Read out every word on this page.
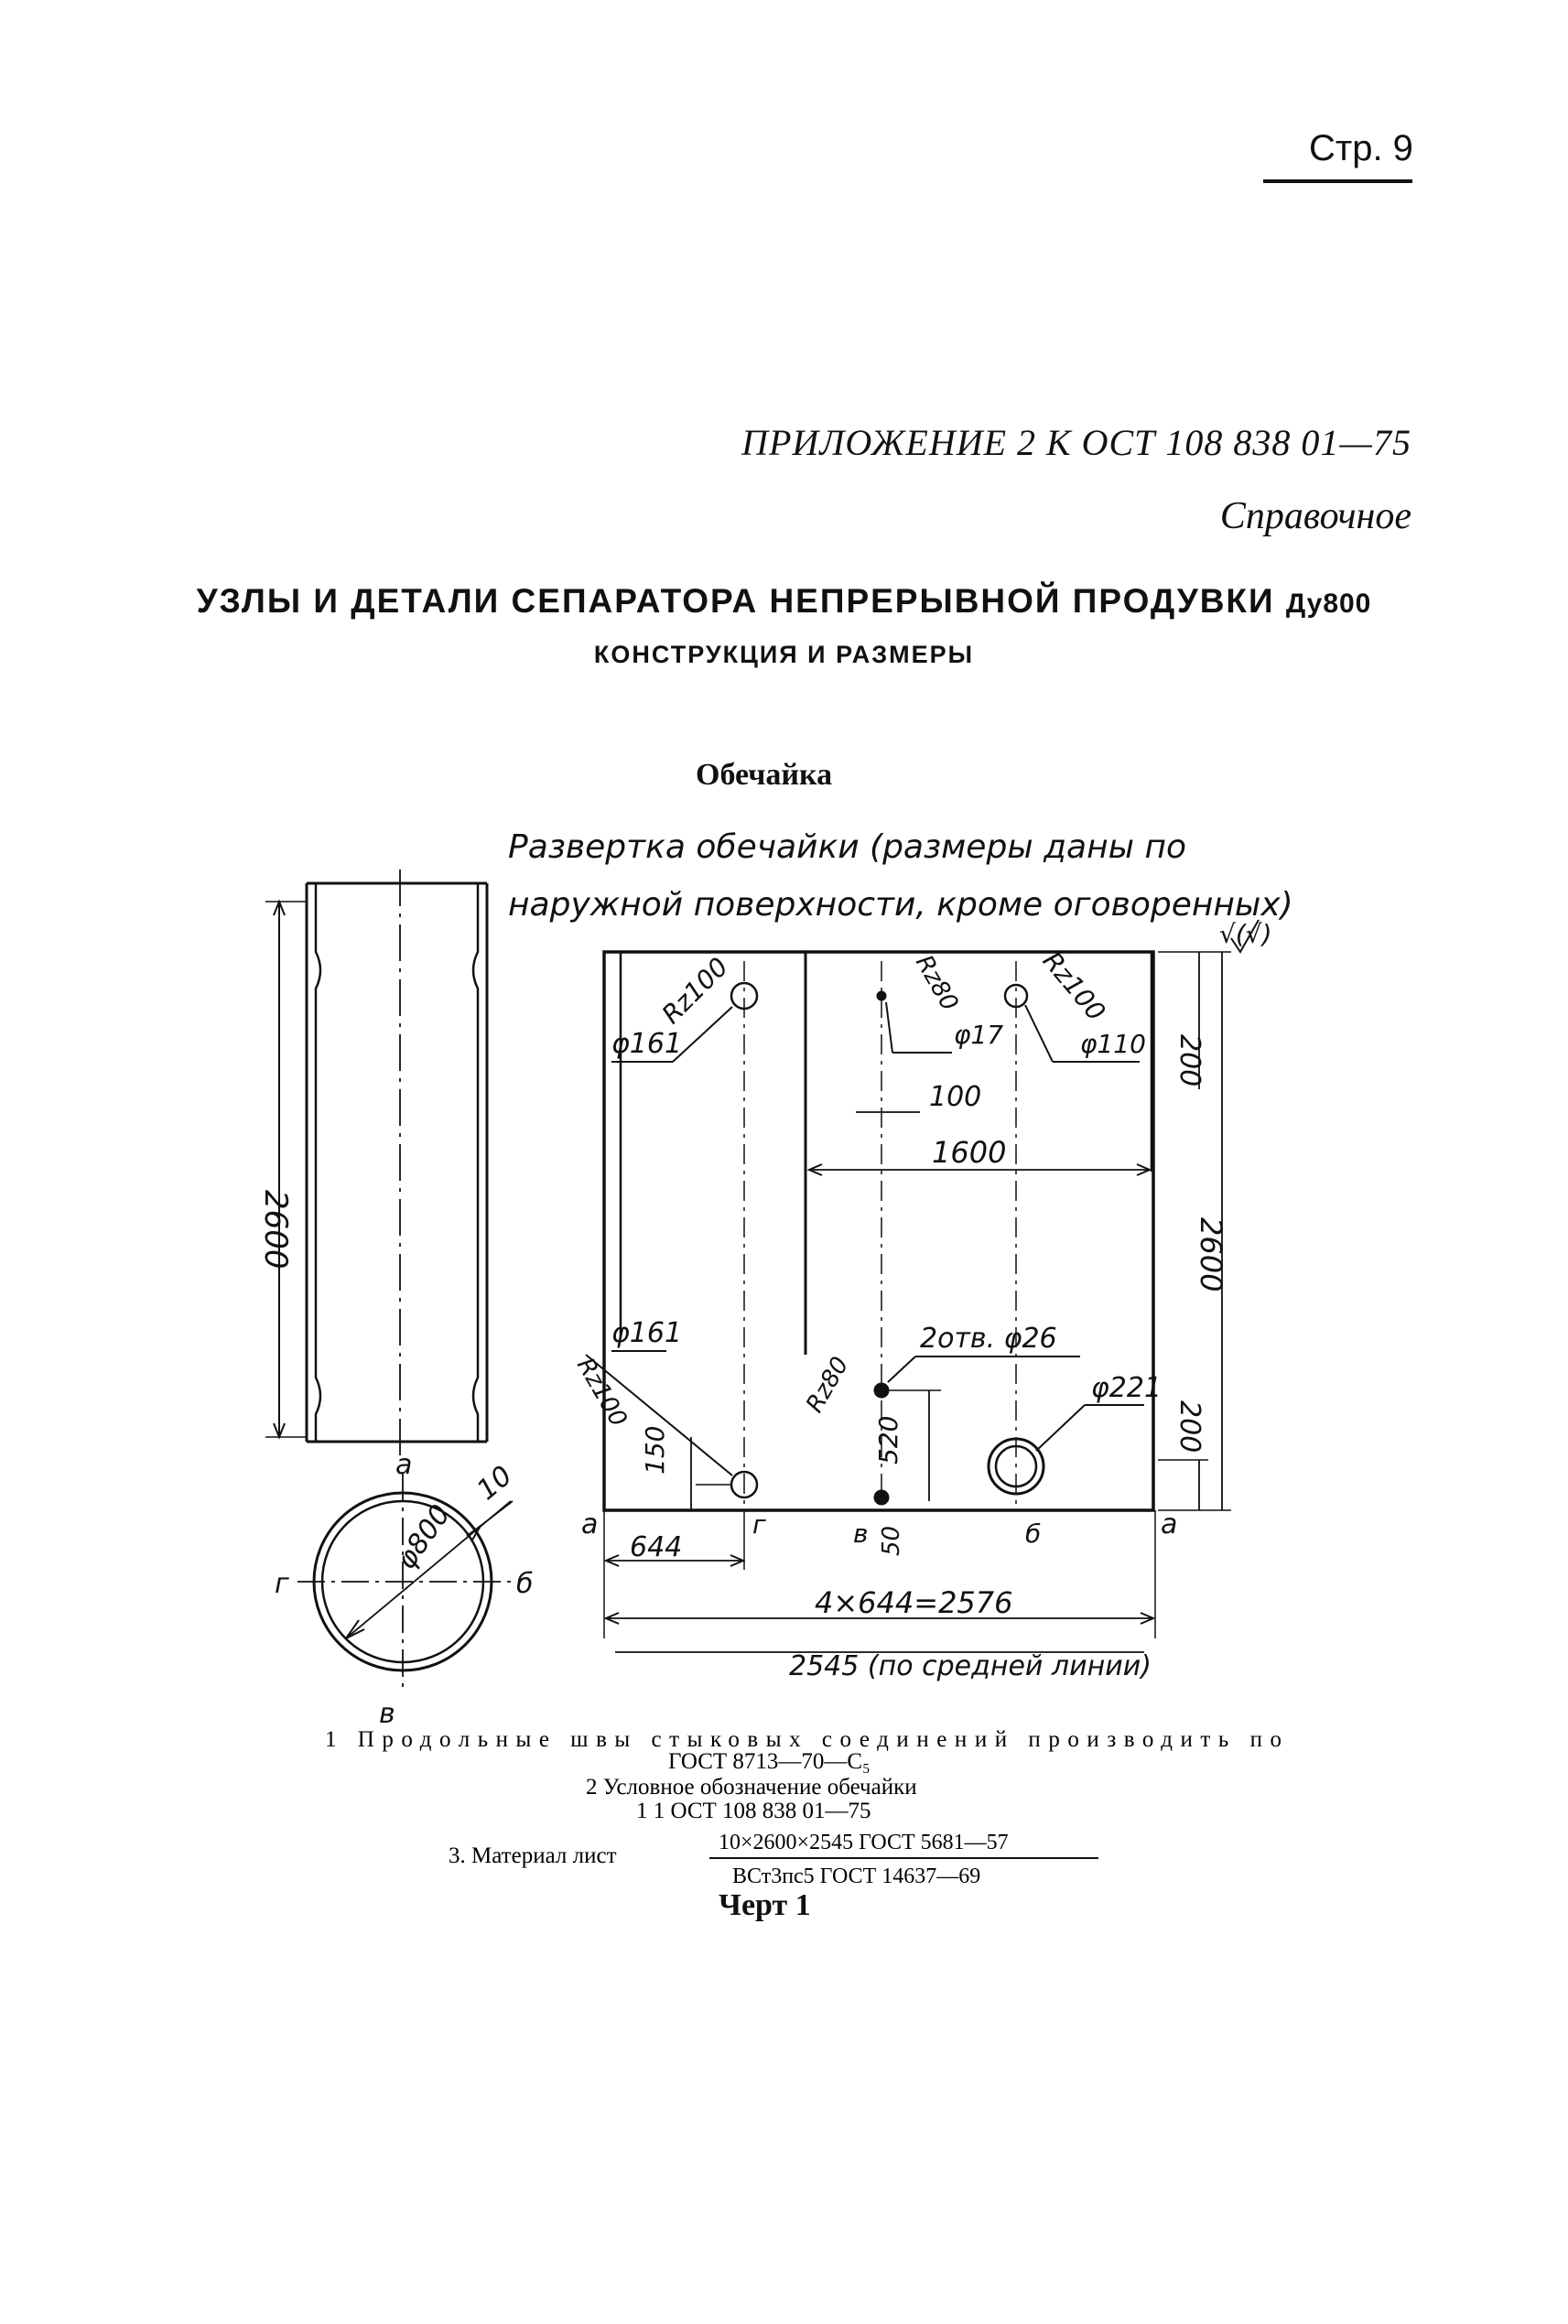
Стр. 9
ПРИЛОЖЕНИЕ 2 К ОСТ 108 838 01—75
Справочное
УЗЛЫ И ДЕТАЛИ СЕПАРАТОРА НЕПРЕРЫВНОЙ ПРОДУВКИ Ду800
КОНСТРУКЦИЯ И РАЗМЕРЫ
Обечайка
Развертка обечайки (размеры даны по
наружной поверхности, кроме оговоренных)
2600
а
в
г	б
φ800
10
√(√)
Rz100
φ161
Rz80
φ17
Rz100
φ110
100
1600
200
2600
200
φ161
Rz100
2отв. φ26
Rz80	φ221
150	520
50
644
4×644=2576
2545 (по средней линии)
а	г	в	б	а
1 Продольные швы стыковых соединений производить по
ГОСТ 8713—70—С₅
2 Условное обозначение обечайки
1 1 ОСТ 108 838 01—75
3. Материал лист
10×2600×2545 ГОСТ 5681—57
ВСт3пс5 ГОСТ 14637—69
Черт 1
